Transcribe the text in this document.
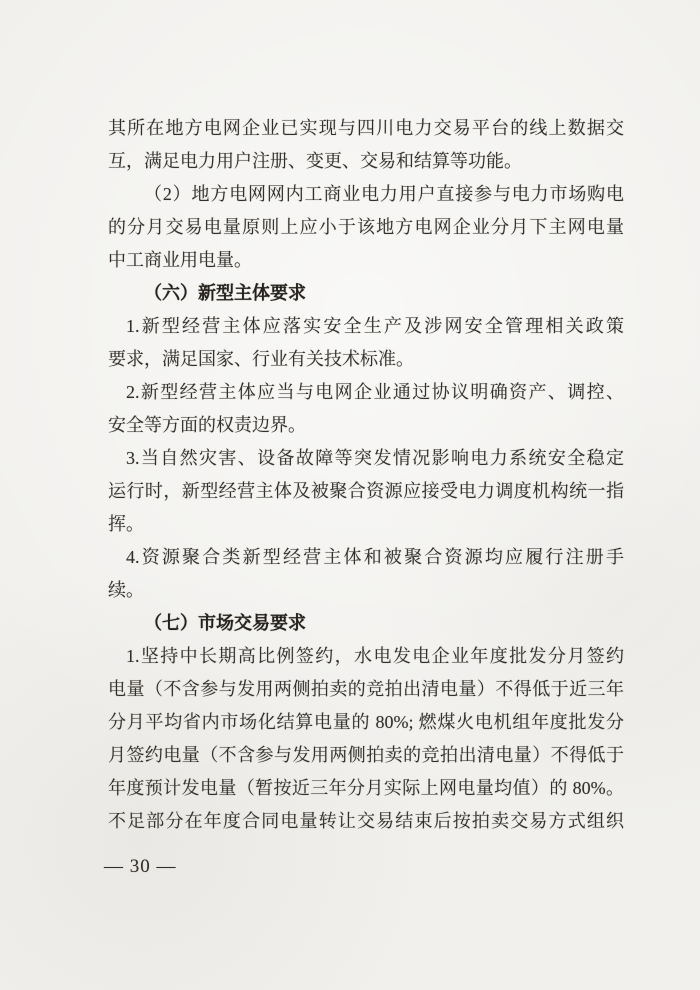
其所在地方电网企业已实现与四川电力交易平台的线上数据交
互，满足电力用户注册、变更、交易和结算等功能。
（2）地方电网网内工商业电力用户直接参与电力市场购电
的分月交易电量原则上应小于该地方电网企业分月下主网电量
中工商业用电量。
（六）新型主体要求
1.新型经营主体应落实安全生产及涉网安全管理相关政策
要求，满足国家、行业有关技术标准。
2.新型经营主体应当与电网企业通过协议明确资产、调控、
安全等方面的权责边界。
3.当自然灾害、设备故障等突发情况影响电力系统安全稳定
运行时，新型经营主体及被聚合资源应接受电力调度机构统一指
挥。
4.资源聚合类新型经营主体和被聚合资源均应履行注册手
续。
（七）市场交易要求
1.坚持中长期高比例签约，水电发电企业年度批发分月签约
电量（不含参与发用两侧拍卖的竞拍出清电量）不得低于近三年
分月平均省内市场化结算电量的 80%; 燃煤火电机组年度批发分
月签约电量（不含参与发用两侧拍卖的竞拍出清电量）不得低于
年度预计发电量（暂按近三年分月实际上网电量均值）的 80%。
不足部分在年度合同电量转让交易结束后按拍卖交易方式组织
— 30 —
